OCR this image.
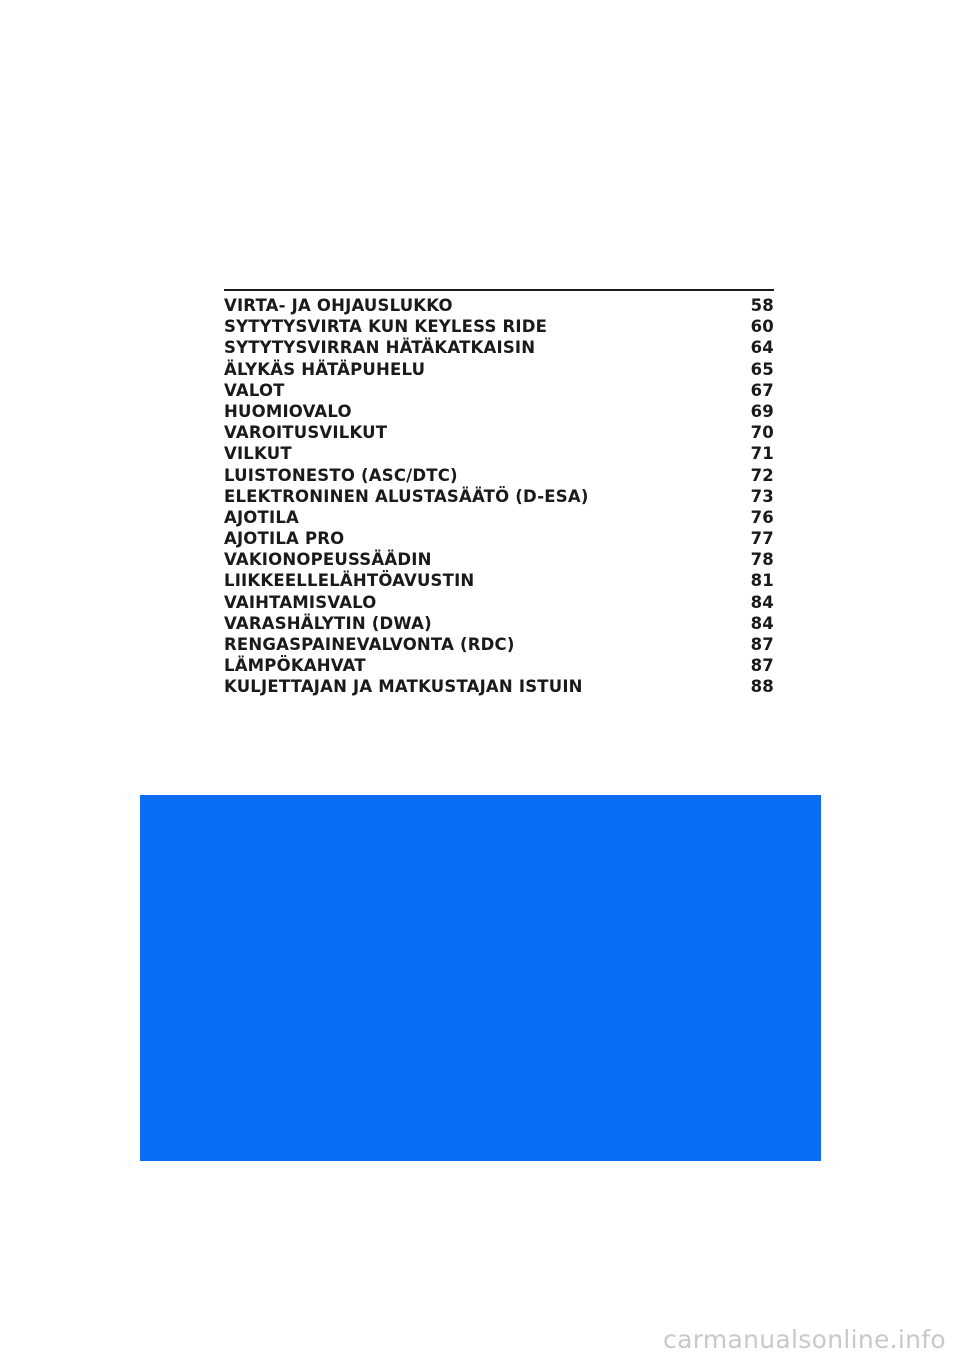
VIRTA- JA OHJAUSLUKKO	58
SYTYTYSVIRTA KUN KEYLESS RIDE	60
SYTYTYSVIRRAN HÄTÄKATKAISIN	64
ÄLYKÄS HÄTÄPUHELU	65
VALOT	67
HUOMIOVALO	69
VAROITUSVILKUT	70
VILKUT	71
LUISTONESTO (ASC/DTC)	72
ELEKTRONINEN ALUSTASÄÄTÖ (D-ESA)	73
AJOTILA	76
AJOTILA PRO	77
VAKIONOPEUSSÄÄDIN	78
LIIKKEELLELÄHTÖAVUSTIN	81
VAIHTAMISVALO	84
VARASHÄLYTIN (DWA)	84
RENGASPAINEVALVONTA (RDC)	87
LÄMPÖKAHVAT	87
KULJETTAJAN JA MATKUSTAJAN ISTUIN	88
carmanualsonline.info
